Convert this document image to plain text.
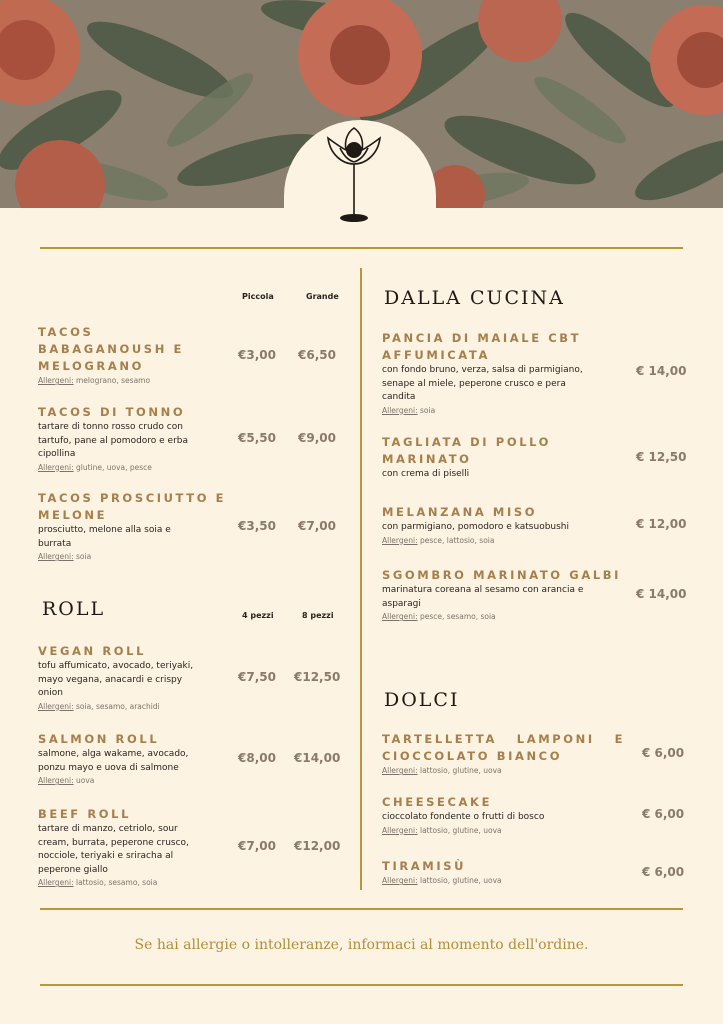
Piccola	Grande
TACOS
BABAGANOUSH E
MELOGRANO
Allergeni: melograno, sesamo
€3,00 €6,50
TACOS DI TONNO
tartare di tonno rosso crudo con
tartufo, pane al pomodoro e erba
cipollina
Allergeni: glutine, uova, pesce
€5,50 €9,00
TACOS PROSCIUTTO E
MELONE
prosciutto, melone alla soia e
burrata
Allergeni: soia
€3,50 €7,00
ROLL	4 pezzi	8 pezzi
VEGAN ROLL
tofu affumicato, avocado, teriyaki,
mayo vegana, anacardi e crispy
onion
Allergeni: soia, sesamo, arachidi
€7,50 €12,50
SALMON ROLL
salmone, alga wakame, avocado,
ponzu mayo e uova di salmone
Allergeni: uova
€8,00 €14,00
BEEF ROLL
tartare di manzo, cetriolo, sour
cream, burrata, peperone crusco,
nocciole, teriyaki e sriracha al
peperone giallo
Allergeni: lattosio, sesamo, soia
€7,00 €12,00
DALLA CUCINA
PANCIA DI MAIALE CBT
AFFUMICATA
con fondo bruno, verza, salsa di parmigiano,
senape al miele, peperone crusco e pera
candita
Allergeni: soia
€ 14,00
TAGLIATA DI POLLO
MARINATO
con crema di piselli
€ 12,50
MELANZANA MISO
con parmigiano, pomodoro e katsuobushi
Allergeni: pesce, lattosio, soia
€ 12,00
SGOMBRO MARINATO GALBI
marinatura coreana al sesamo con arancia e
asparagi
Allergeni: pesce, sesamo, soia
€ 14,00
DOLCI
TARTELLETTA   LAMPONI   E
CIOCCOLATO BIANCO
Allergeni: lattosio, glutine, uova
€ 6,00
CHEESECAKE
cioccolato fondente o frutti di bosco
Allergeni: lattosio, glutine, uova
€ 6,00
TIRAMISÙ
Allergeni: lattosio, glutine, uova
€ 6,00
Se hai allergie o intolleranze, informaci al momento dell'ordine.
